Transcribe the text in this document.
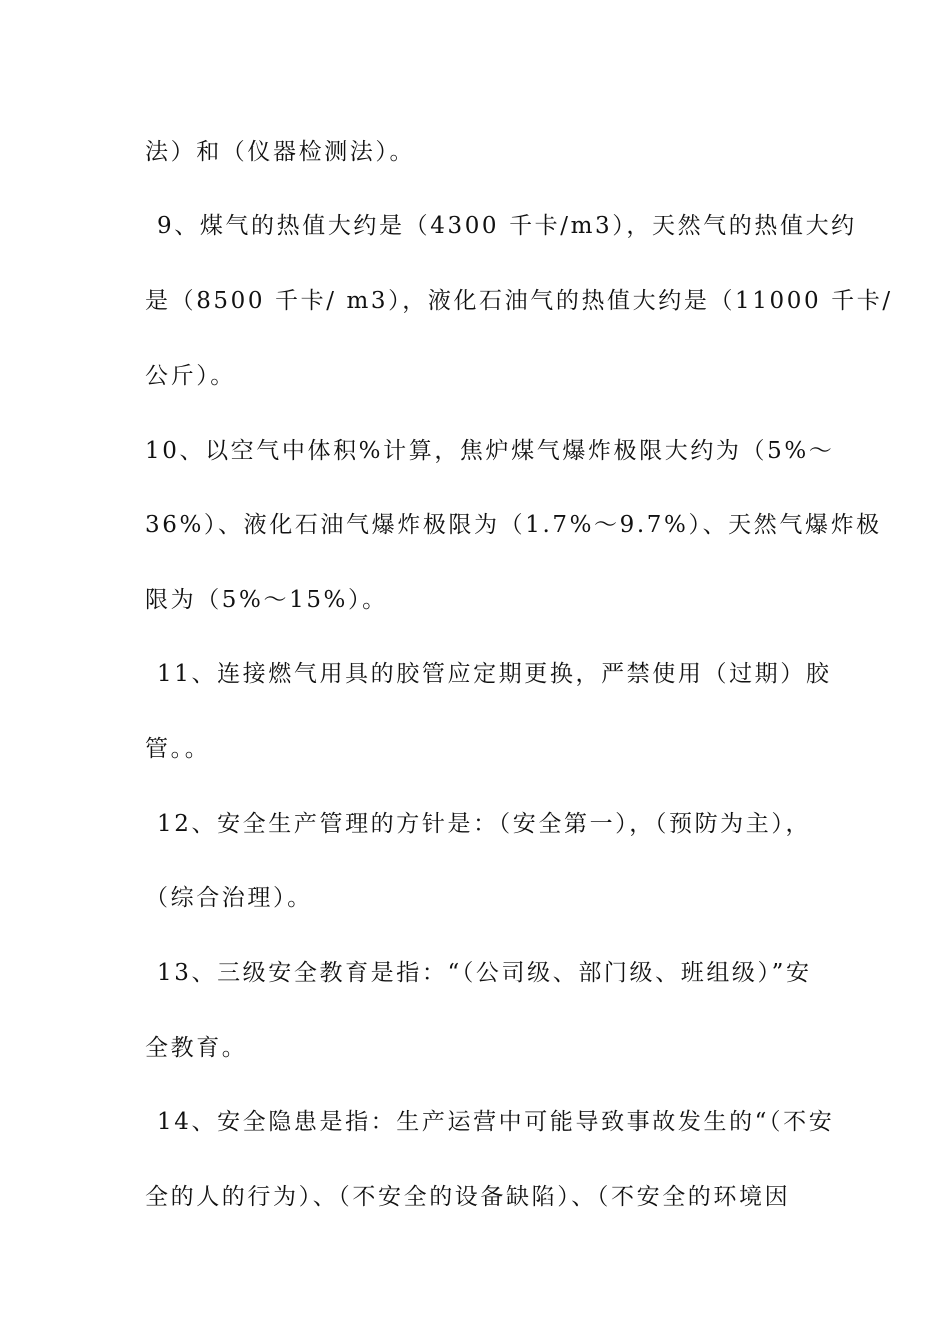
法）和（仪器检测法）。
9、煤气的热值大约是（4300 千卡/m3），天然气的热值大约
是（8500 千卡/ m3），液化石油气的热值大约是（11000 千卡/
公斤）。
10、以空气中体积%计算，焦炉煤气爆炸极限大约为（5%～
36%）、液化石油气爆炸极限为（1.7%～9.7%）、天然气爆炸极
限为（5%～15%）。
11、连接燃气用具的胶管应定期更换，严禁使用（过期）胶
管。。
12、安全生产管理的方针是：（安全第一），（预防为主），
（综合治理）。
13、三级安全教育是指：“（公司级、部门级、班组级）”安
全教育。
14、安全隐患是指：生产运营中可能导致事故发生的“（不安
全的人的行为）、（不安全的设备缺陷）、（不安全的环境因
